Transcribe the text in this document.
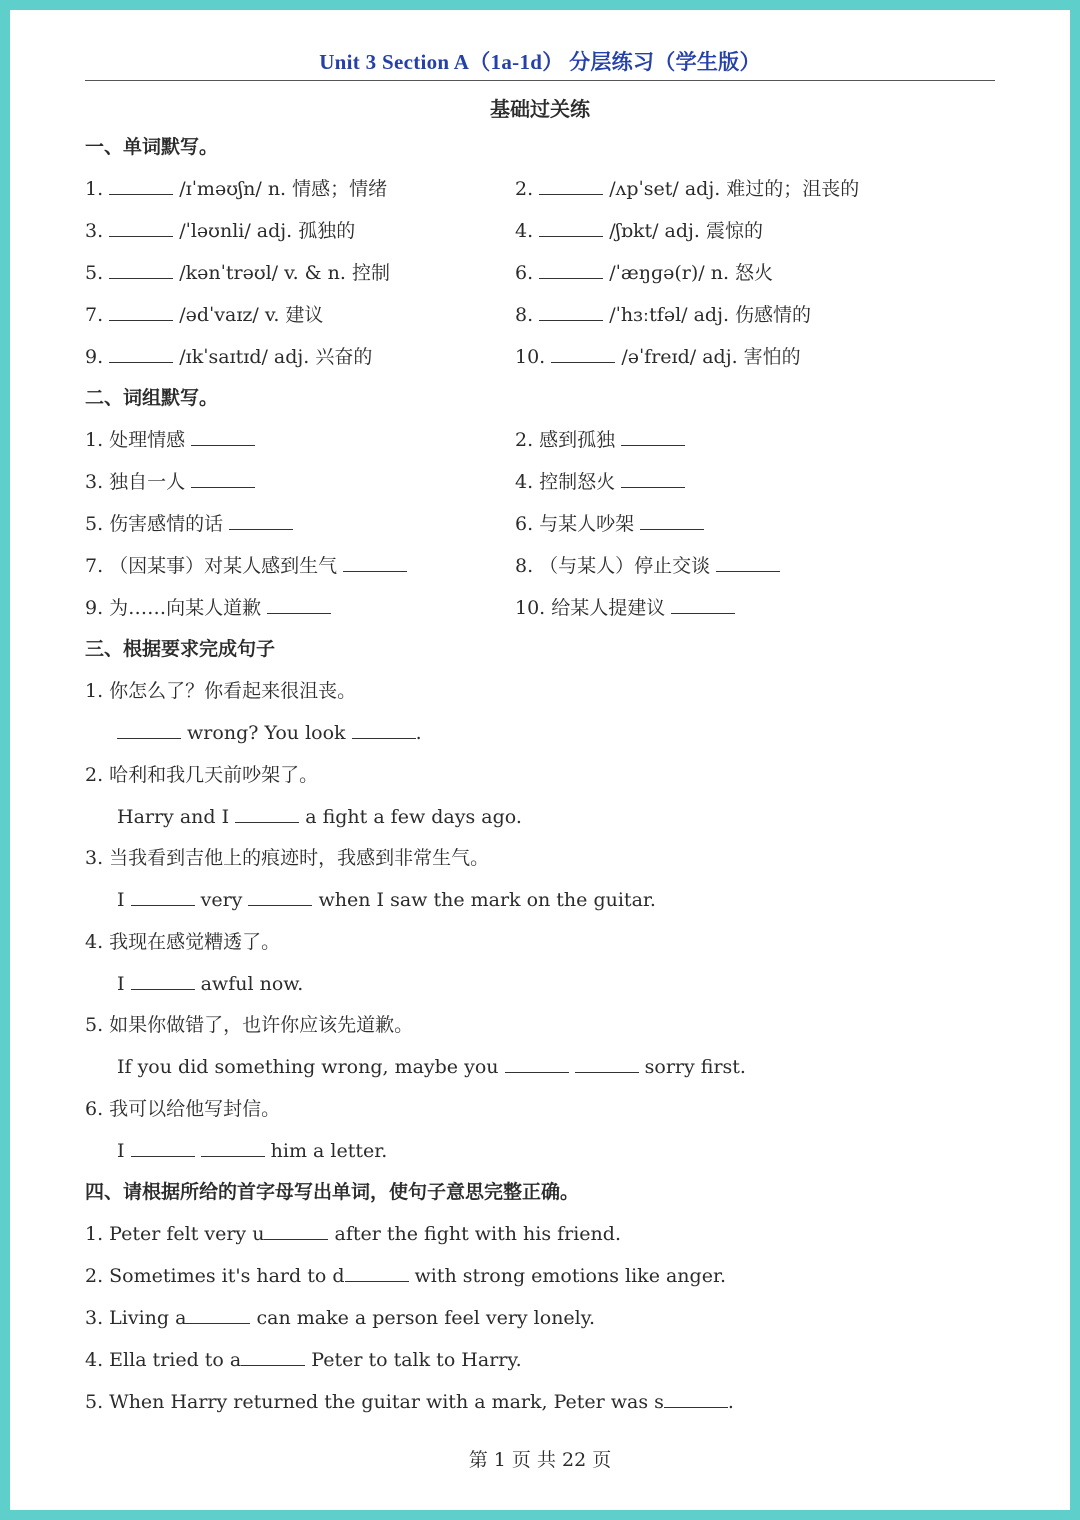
Unit 3 Section A（1a-1d） 分层练习（学生版）
基础过关练
一、单词默写。
1.	/ɪˈməʊʃn/ n. 情感；情绪	2.	/ʌpˈset/ adj. 难过的；沮丧的
3.	/ˈləʊnli/ adj. 孤独的	4.	/ʃɒkt/ adj. 震惊的
5.	/kənˈtrəʊl/ v. & n. 控制	6.	/ˈæŋɡə(r)/ n. 怒火
7.	/ədˈvaɪz/ v. 建议	8.	/ˈhɜːtfəl/ adj. 伤感情的
9.	/ɪkˈsaɪtɪd/ adj. 兴奋的	10.	/əˈfreɪd/ adj. 害怕的
二、词组默写。
1. 处理情感	2. 感到孤独
3. 独自一人	4. 控制怒火
5. 伤害感情的话	6. 与某人吵架
7. （因某事）对某人感到生气	8. （与某人）停止交谈
9. 为……向某人道歉	10. 给某人提建议
三、根据要求完成句子
1. 你怎么了？你看起来很沮丧。
wrong? You look	.
2. 哈利和我几天前吵架了。
Harry and I	a fight a few days ago.
3. 当我看到吉他上的痕迹时，我感到非常生气。
I	very	when I saw the mark on the guitar.
4. 我现在感觉糟透了。
I	awful now.
5. 如果你做错了，也许你应该先道歉。
If you did something wrong, maybe you	sorry first.
6. 我可以给他写封信。
I	him a letter.
四、请根据所给的首字母写出单词，使句子意思完整正确。
1. Peter felt very u	after the fight with his friend.
2. Sometimes it's hard to d	with strong emotions like anger.
3. Living a	can make a person feel very lonely.
4. Ella tried to a	Peter to talk to Harry.
5. When Harry returned the guitar with a mark, Peter was s	.
第 1 页 共 22 页
